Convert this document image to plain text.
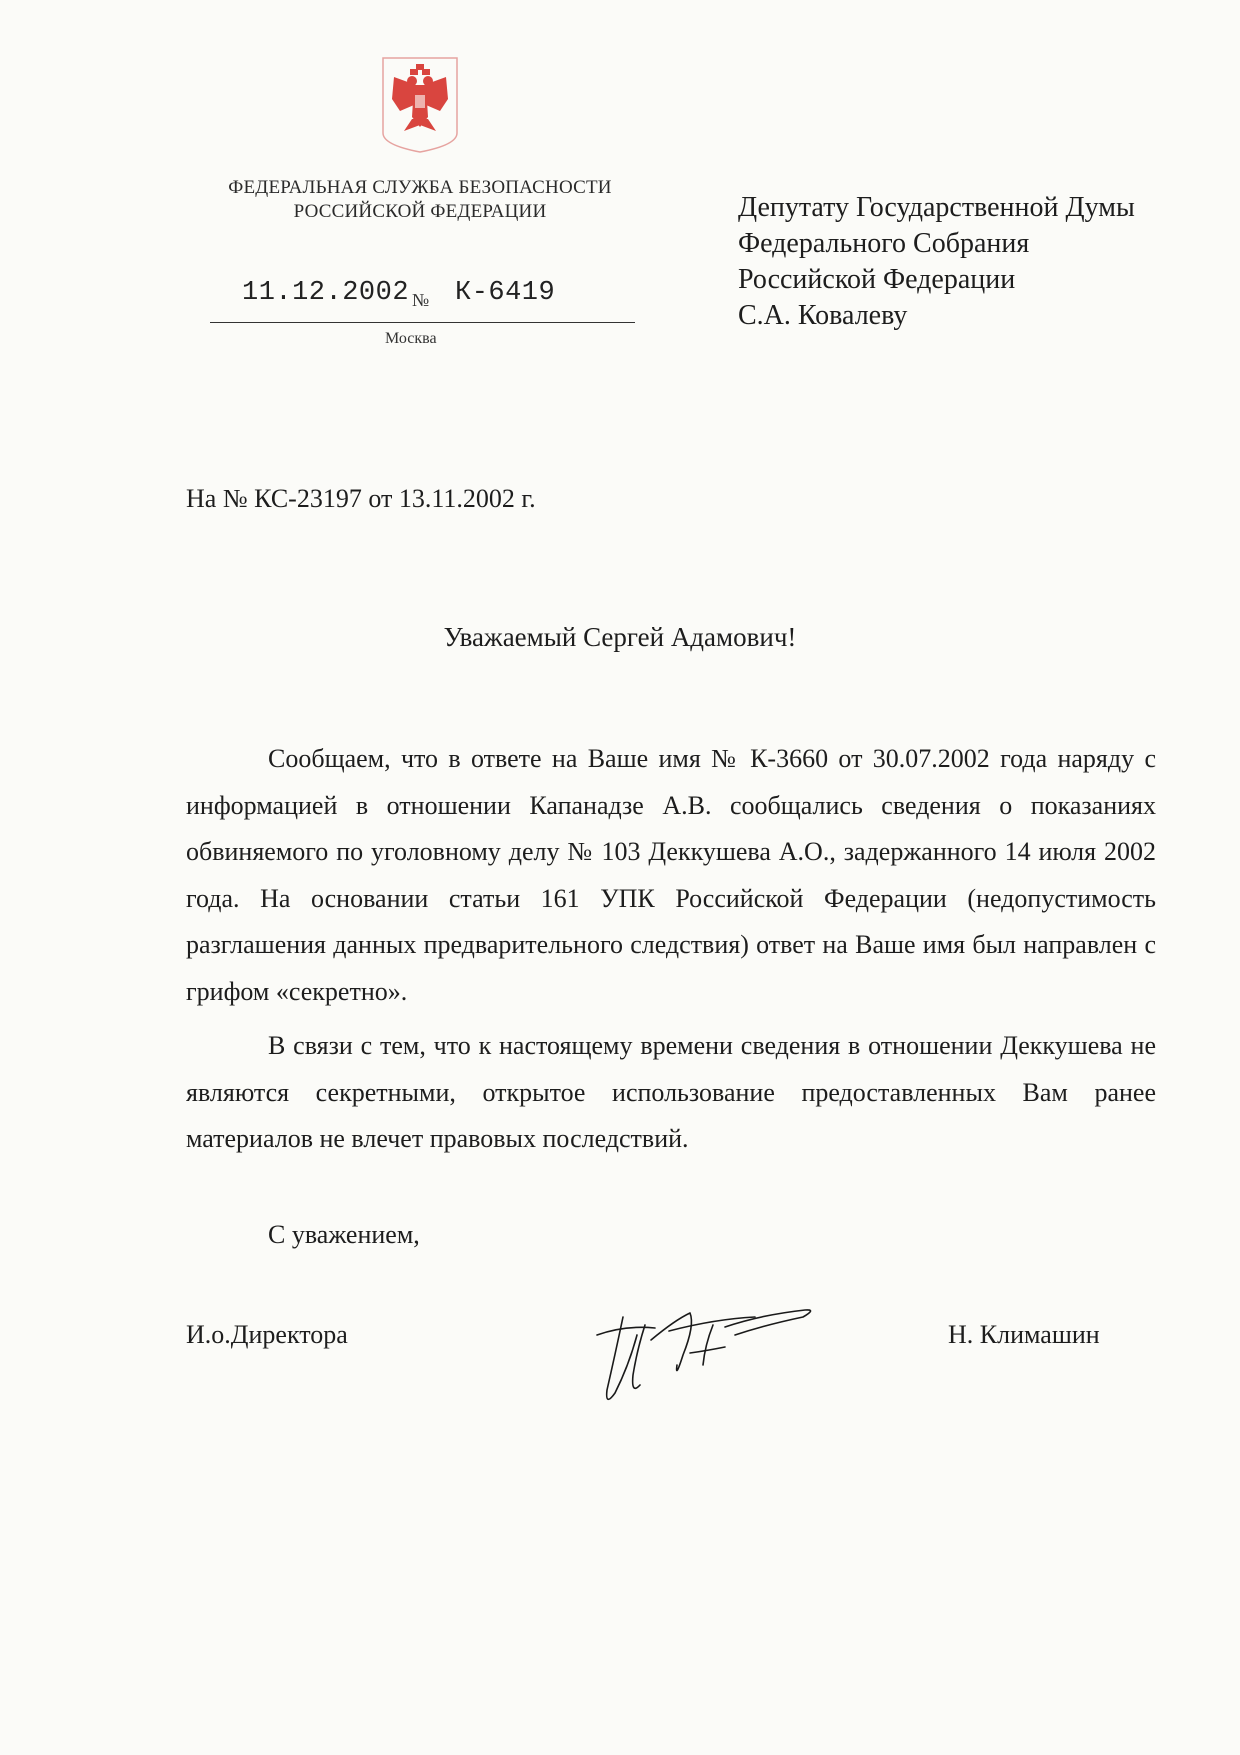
ФЕДЕРАЛЬНАЯ СЛУЖБА БЕЗОПАСНОСТИ
РОССИЙСКОЙ ФЕДЕРАЦИИ
11.12.2002 № К-6419
Москва
Депутату Государственной Думы
Федерального Собрания
Российской Федерации
С.А. Ковалеву
На № КС-23197 от 13.11.2002 г.
Уважаемый Сергей Адамович!

Сообщаем, что в ответе на Ваше имя № К-3660 от 30.07.2002 года наряду с информацией в отношении Капанадзе А.В. сообщались сведения о показаниях обвиняемого по уголовному делу № 103 Деккушева А.О., задержанного 14 июля 2002 года. На основании статьи 161 УПК Российской Федерации (недопустимость разглашения данных предварительного следствия) ответ на Ваше имя был направлен с грифом «секретно».

В связи с тем, что к настоящему времени сведения в отношении Деккушева не являются секретными, открытое использование предоставленных Вам ранее материалов не влечет правовых последствий.

С уважением,
И.о.Директора	Н. Климашин
